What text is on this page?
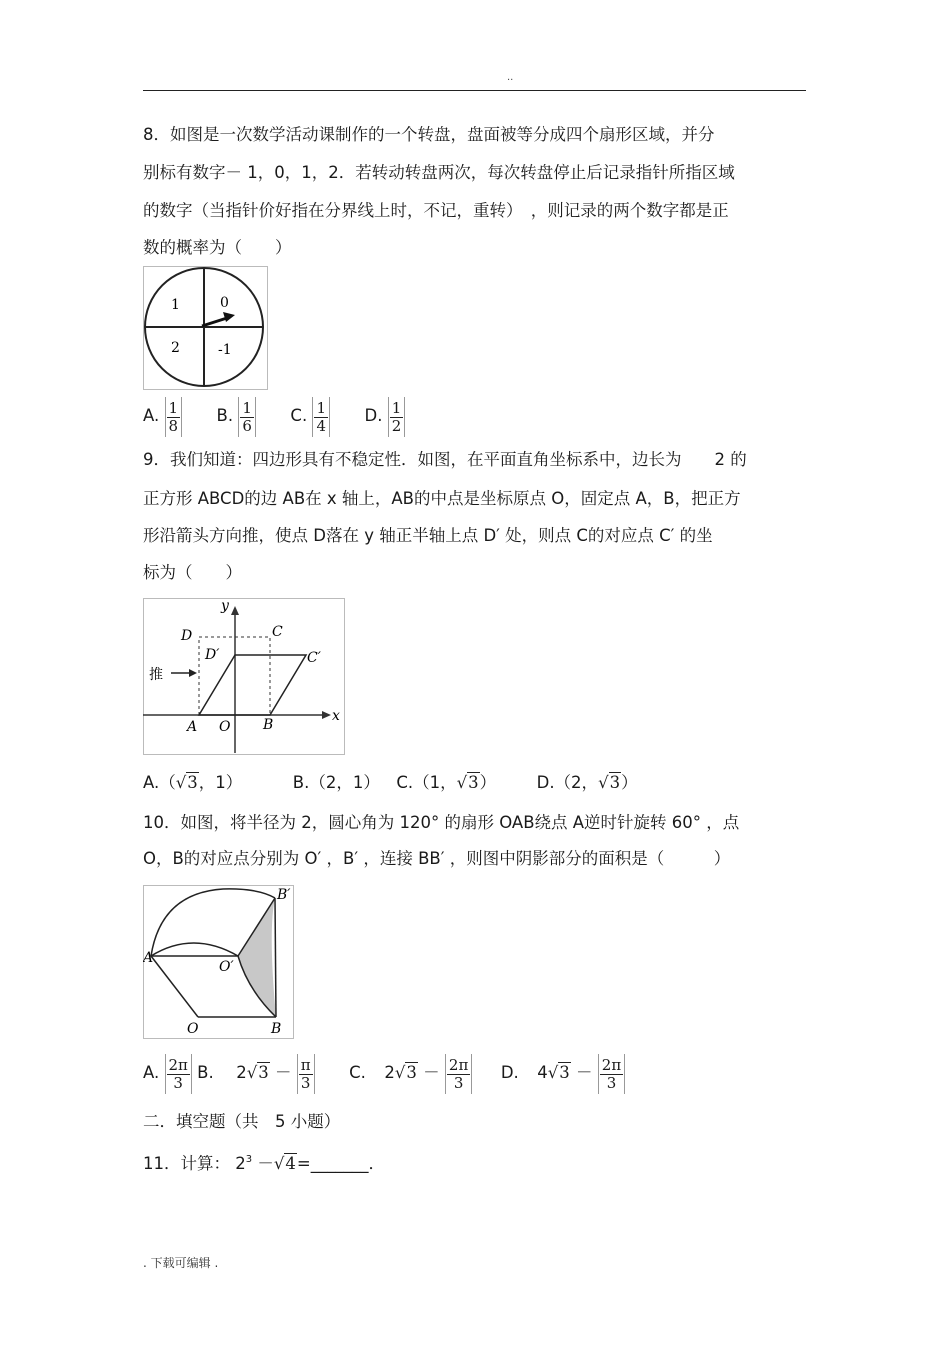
..
8．如图是一次数学活动课制作的一个转盘，盘面被等分成四个扇形区域，并分
别标有数字－ 1，0，1，2．若转动转盘两次，每次转盘停止后记录指针所指区域
的数字（当指针价好指在分界线上时，不记，重转）　，则记录的两个数字都是正
数的概率为（　　）
1	0
2	-1
A. $\frac{1}{8} B$. $\frac{1}{6} C$. $\frac{1}{4} D$. $\frac{1}{2}$
9．我们知道：四边形具有不稳定性．如图，在平面直角坐标系中，边长为　　2 的
正方形 ABCD的边 AB在 x 轴上，AB的中点是坐标原点 O，固定点 A，B，把正方
形沿箭头方向推，使点 D落在 y 轴正半轴上点 D′ 处，则点 C的对应点 C′ 的坐
标为（　　）
y
x
D	C
D′	C′
A O B
推
A.（√3，1）	B.（2，1） C.（1，√3） D.（2，√3）
10．如图，将半径为 2，圆心角为 120° 的扇形 OAB绕点 A逆时针旋转 60° ，点
O，B的对应点分别为 O′ ，B′ ，连接 BB′ ，则图中阴影部分的面积是（　　　）
B′
A
O′
O	B
A. $\frac{2\pi}{3} B$. $2√3 - \frac{\pi}{3} C$. $2√3 - \frac{2\pi}{3} D$. $4√3 - \frac{2\pi}{3}$
二．填空题（共　5 小题）
11．计算： $2^3$ －√4=_______．
. 下载可编辑 .
